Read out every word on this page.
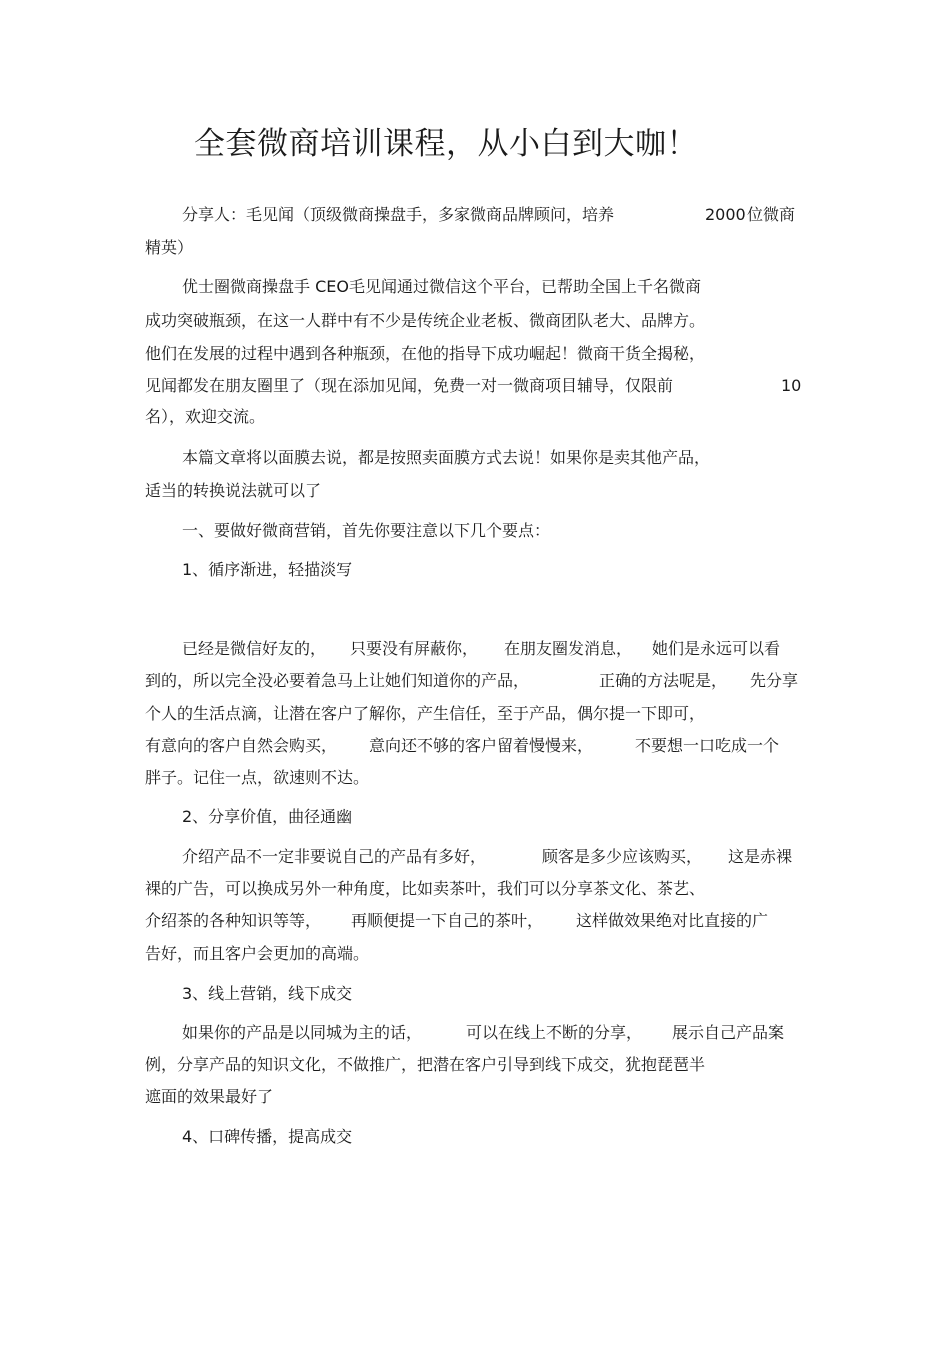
全套微商培训课程，从小白到大咖！
分享人：毛见闻（顶级微商操盘手，多家微商品牌顾问，培养	2000 位微商
精英）
优士圈微商操盘手 CEO毛见闻通过微信这个平台，已帮助全国上千名微商
成功突破瓶颈，在这一人群中有不少是传统企业老板、微商团队老大、品牌方。
他们在发展的过程中遇到各种瓶颈，在他的指导下成功崛起！微商干货全揭秘，
见闻都发在朋友圈里了（现在添加见闻，免费一对一微商项目辅导，仅限前	10
名），欢迎交流。
本篇文章将以面膜去说，都是按照卖面膜方式去说！如果你是卖其他产品，
适当的转换说法就可以了
一、要做好微商营销，首先你要注意以下几个要点：
1、循序渐进，轻描淡写
已经是微信好友的， 只要没有屏蔽你， 在朋友圈发消息， 她们是永远可以看
到的，所以完全没必要着急马上让她们知道你的产品，	正确的方法呢是， 先分享
个人的生活点滴，让潜在客户了解你，产生信任，至于产品，偶尔提一下即可，
有意向的客户自然会购买， 意向还不够的客户留着慢慢来，	不要想一口吃成一个
胖子。记住一点，欲速则不达。
2、分享价值，曲径通幽
介绍产品不一定非要说自己的产品有多好，	顾客是多少应该购买， 这是赤裸
裸的广告，可以换成另外一种角度，比如卖茶叶，我们可以分享茶文化、茶艺、
介绍茶的各种知识等等， 再顺便提一下自己的茶叶， 这样做效果绝对比直接的广
告好，而且客户会更加的高端。
3、线上营销，线下成交
如果你的产品是以同城为主的话，	可以在线上不断的分享， 展示自己产品案
例，分享产品的知识文化，不做推广，把潜在客户引导到线下成交，犹抱琵琶半
遮面的效果最好了
4、口碑传播，提高成交
